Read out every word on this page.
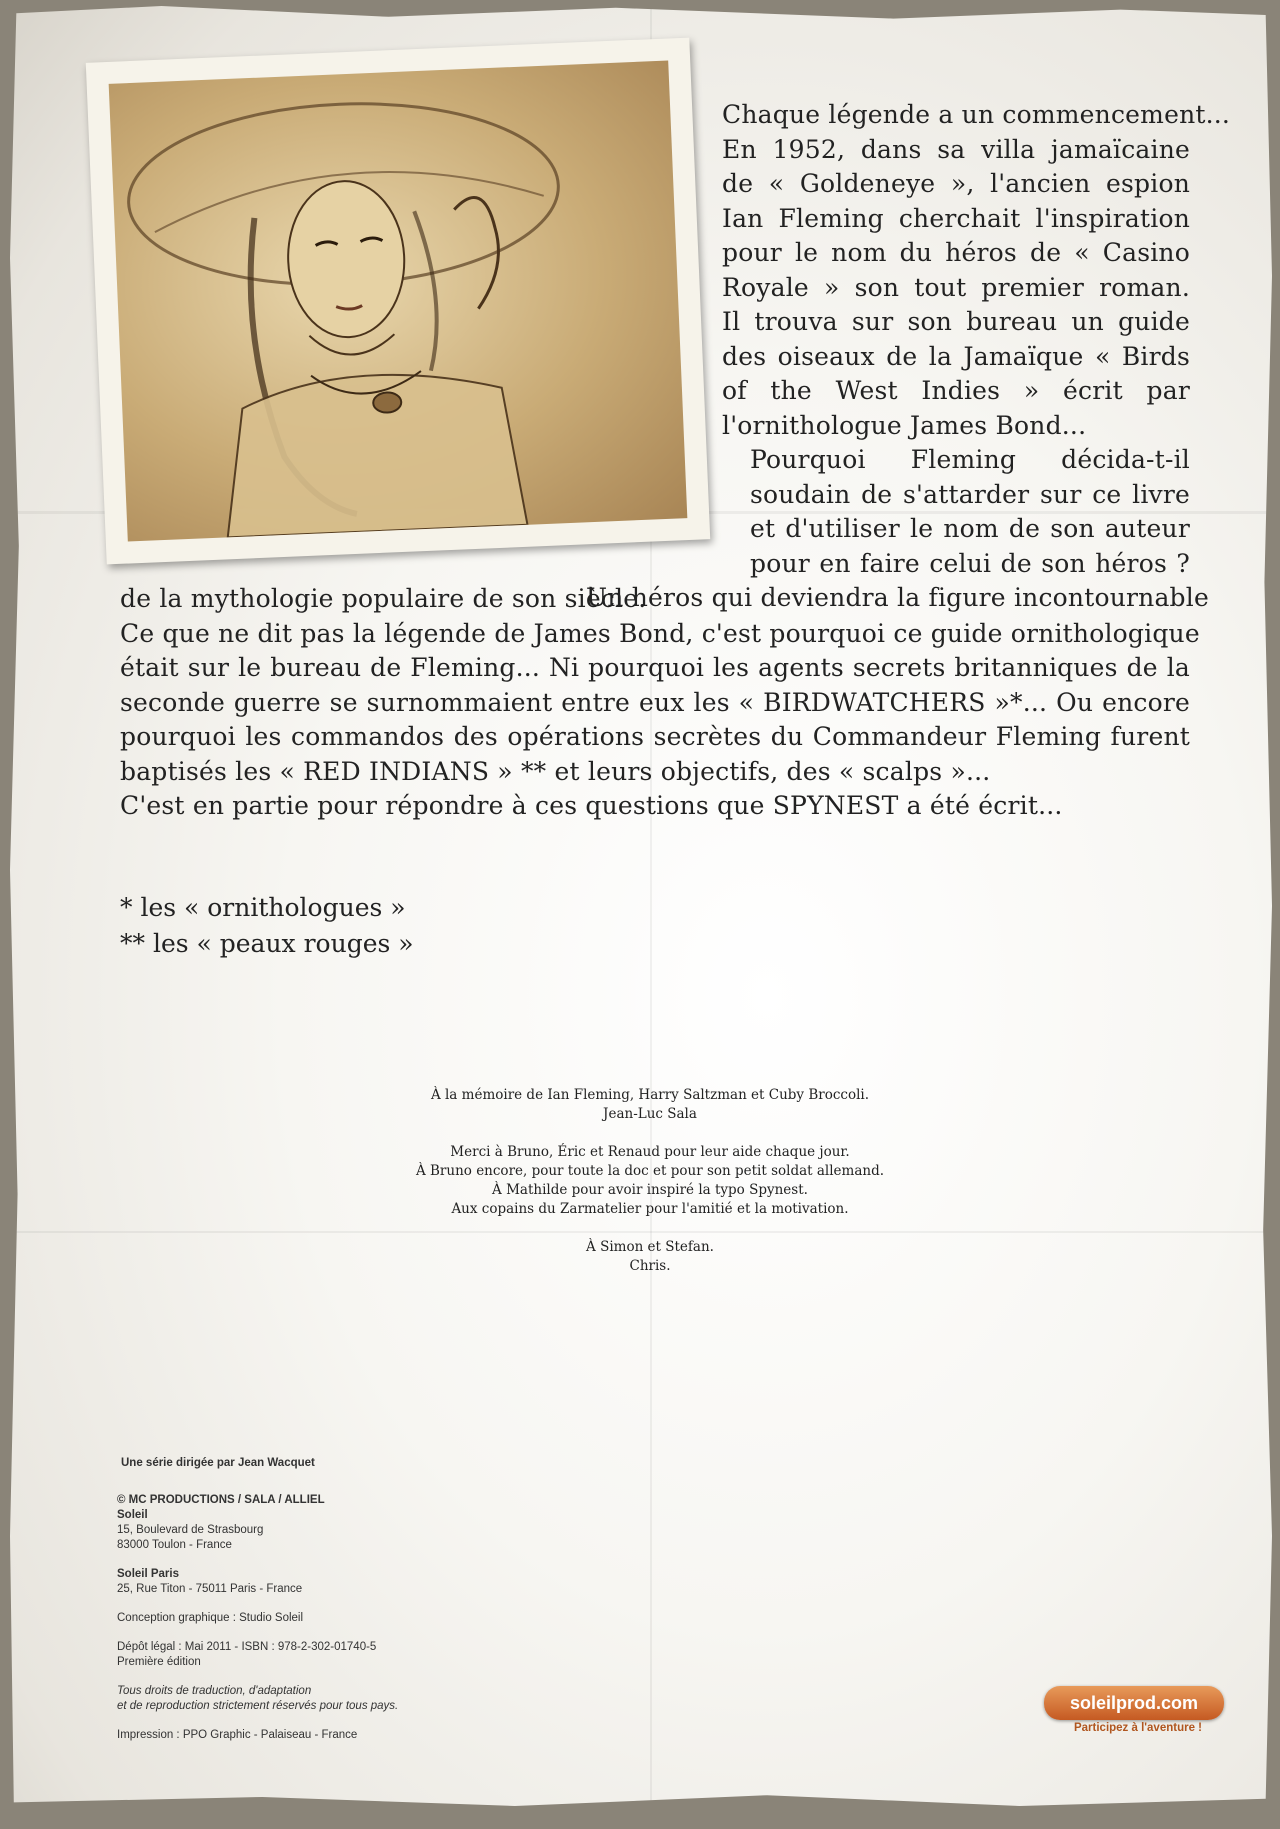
Chaque légende a un commencement...
En 1952, dans sa villa jamaïcaine
de « Goldeneye », l'ancien espion
Ian Fleming cherchait l'inspiration
pour le nom du héros de « Casino
Royale » son tout premier roman.
Il trouva sur son bureau un guide
des oiseaux de la Jamaïque « Birds
of the West Indies » écrit par
l'ornithologue James Bond...
Pourquoi Fleming décida-t-il
soudain de s'attarder sur ce livre
et d'utiliser le nom de son auteur
pour en faire celui de son héros ?
Un héros qui deviendra la figure incontournable
de la mythologie populaire de son siècle.
Ce que ne dit pas la légende de James Bond, c'est pourquoi ce guide ornithologique
était sur le bureau de Fleming... Ni pourquoi les agents secrets britanniques de la
seconde guerre se surnommaient entre eux les « BIRDWATCHERS »*... Ou encore
pourquoi les commandos des opérations secrètes du Commandeur Fleming furent
baptisés les « RED INDIANS » ** et leurs objectifs, des « scalps »...
C'est en partie pour répondre à ces questions que SPYNEST a été écrit...
* les « ornithologues »
** les « peaux rouges »

À la mémoire de Ian Fleming, Harry Saltzman et Cuby Broccoli.
Jean-Luc Sala

Merci à Bruno, Éric et Renaud pour leur aide chaque jour.
À Bruno encore, pour toute la doc et pour son petit soldat allemand.
À Mathilde pour avoir inspiré la typo Spynest.
Aux copains du Zarmatelier pour l'amitié et la motivation.

À Simon et Stefan.
Chris.

Une série dirigée par Jean Wacquet
© MC PRODUCTIONS / SALA / ALLIEL
Soleil
15, Boulevard de Strasbourg
83000 Toulon - France
Soleil Paris
25, Rue Titon - 75011 Paris - France
Conception graphique : Studio Soleil
Dépôt légal : Mai 2011 - ISBN : 978-2-302-01740-5
Première édition
Tous droits de traduction, d'adaptation
et de reproduction strictement réservés pour tous pays.
Impression : PPO Graphic - Palaiseau - France
soleilprod.com
Participez à l'aventure !
